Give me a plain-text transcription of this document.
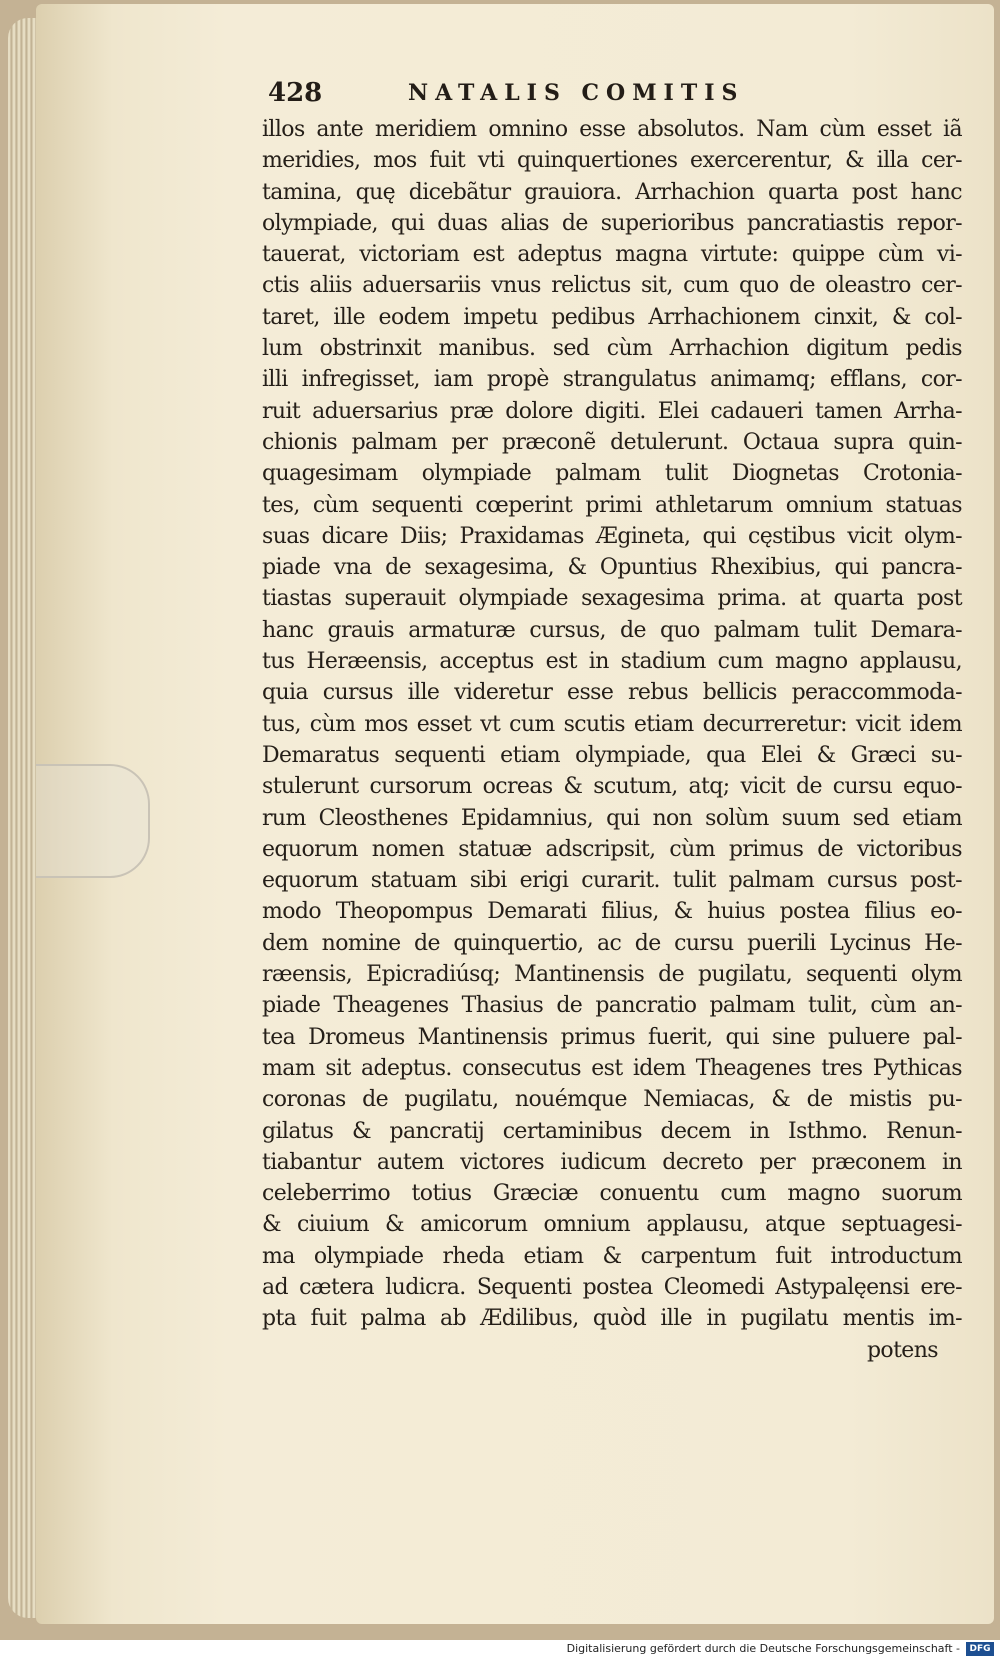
428	NATALIS COMITIS
illos ante meridiem omnino esse absolutos. Nam cùm esset iã
meridies, mos fuit vti quinquertiones exercerentur, & illa cer-
tamina, quę dicebãtur grauiora. Arrhachion quarta post hanc
olympiade, qui duas alias de superioribus pancratiastis repor-
tauerat, victoriam est adeptus magna virtute: quippe cùm vi-
ctis aliis aduersariis vnus relictus sit, cum quo de oleastro cer-
taret, ille eodem impetu pedibus Arrhachionem cinxit, & col-
lum obstrinxit manibus. sed cùm Arrhachion digitum pedis
illi infregisset, iam propè strangulatus animamq; efflans, cor-
ruit aduersarius præ dolore digiti. Elei cadaueri tamen Arrha-
chionis palmam per præconẽ detulerunt. Octaua supra quin-
quagesimam olympiade palmam tulit Diognetas Crotonia-
tes, cùm sequenti cœperint primi athletarum omnium statuas
suas dicare Diis; Praxidamas Æginеta, qui cęstibus vicit olym-
piade vna de sexagesima, & Opuntius Rhexibius, qui pancra-
tiastas superauit olympiade sexagesima prima. at quarta post
hanc grauis armaturæ cursus, de quo palmam tulit Demara-
tus Heræensis, acceptus est in stadium cum magno applausu,
quia cursus ille videretur esse rebus bellicis peraccommoda-
tus, cùm mos esset vt cum scutis etiam decurreretur: vicit idem
Demaratus sequenti etiam olympiade, qua Elei & Græci su-
stulerunt cursorum ocreas & scutum, atq; vicit de cursu equo-
rum Cleosthenes Epidamnius, qui non solùm suum sed etiam
equorum nomen statuæ adscripsit, cùm primus de victoribus
equorum statuam sibi erigi curarit. tulit palmam cursus post-
modo Theopompus Demarati filius, & huius postea filius eo-
dem nomine de quinquertio, ac de cursu puerili Lycinus He-
ræensis, Epicradiúsq; Mantinensis de pugilatu, sequenti olym
piade Theagenes Thasius de pancratio palmam tulit, cùm an-
tea Dromeus Mantinensis primus fuerit, qui sine puluere pal-
mam sit adeptus. consecutus est idem Theagenes tres Pythicas
coronas de pugilatu, nouémque Nemiacas, & de mistis pu-
gilatus & pancratij certaminibus decem in Isthmo. Renun-
tiabantur autem victores iudicum decreto per præconem in
celeberrimo totius Græciæ conuentu cum magno suorum
& ciuium & amicorum omnium applausu, atque septuagesi-
ma olympiade rheda etiam & carpentum fuit introductum
ad cætera ludicra. Sequenti postea Cleomedi Astypalęensi ere-
pta fuit palma ab Ædilibus, quòd ille in pugilatu mentis im-
potens
Digitalisierung gefördert durch die Deutsche Forschungsgemeinschaft -	DFG
